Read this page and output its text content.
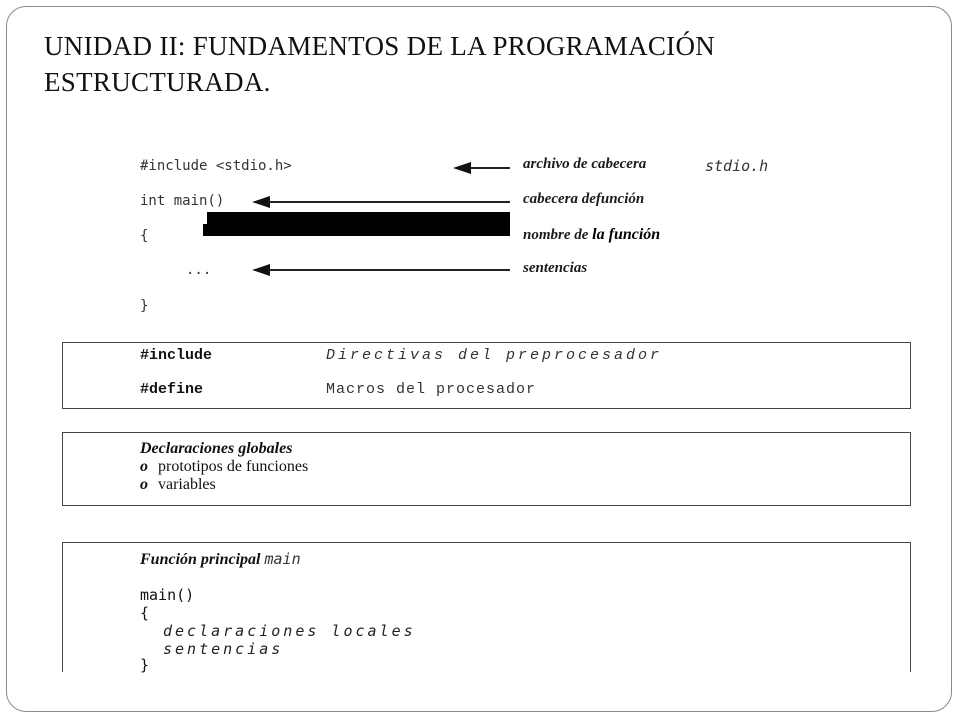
UNIDAD II: FUNDAMENTOS DE LA PROGRAMACIÓN ESTRUCTURADA.
#include <stdio.h>
int main()
{
...
}
archivo de cabecera	stdio.h
cabecera defunción
nombre de la función
sentencias
#include	Directivas del preprocesador
#define	Macros del procesador
Declaraciones globales
o prototipos de funciones
o variables
Función principal main
main()
{
declaraciones locales
sentencias
}
